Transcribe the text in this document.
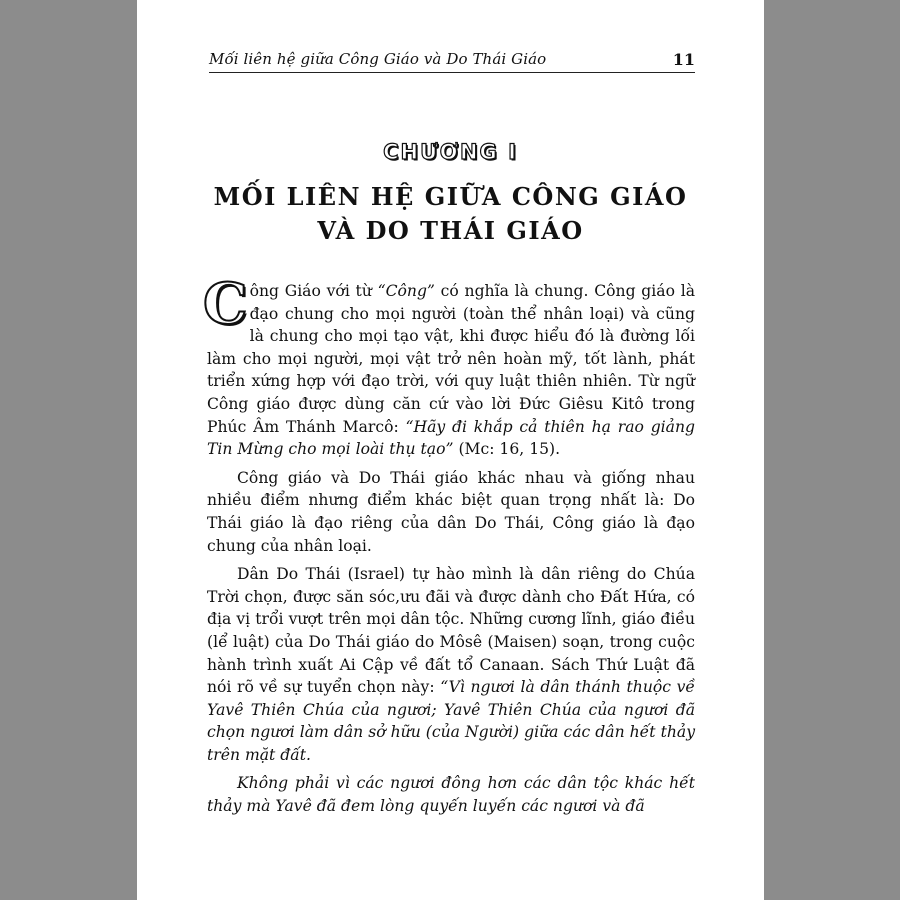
Mối liên hệ giữa Công Giáo và Do Thái Giáo	11
CHƯƠNG I
MỐI LIÊN HỆ GIỮA CÔNG GIÁO
VÀ DO THÁI GIÁO

Công Giáo với từ “Công” có nghĩa là chung. Công giáo là đạo chung cho mọi người (toàn thể nhân loại) và cũng là chung cho mọi tạo vật, khi được hiểu đó là đường lối làm cho mọi người, mọi vật trở nên hoàn mỹ, tốt lành, phát triển xứng hợp với đạo trời, với quy luật thiên nhiên. Từ ngữ Công giáo được dùng căn cứ vào lời Đức Giêsu Kitô trong Phúc Âm Thánh Marcô: “Hãy đi khắp cả thiên hạ rao giảng Tin Mừng cho mọi loài thụ tạo” (Mc: 16, 15).

Công giáo và Do Thái giáo khác nhau và giống nhau nhiều điểm nhưng điểm khác biệt quan trọng nhất là: Do Thái giáo là đạo riêng của dân Do Thái, Công giáo là đạo chung của nhân loại.

Dân Do Thái (Israel) tự hào mình là dân riêng do Chúa Trời chọn, được săn sóc,ưu đãi và được dành cho Đất Hứa, có địa vị trổi vượt trên mọi dân tộc. Những cương lĩnh, giáo điều (lể luật) của Do Thái giáo do Môsê (Maisen) soạn, trong cuộc hành trình xuất Ai Cập về đất tổ Canaan. Sách Thứ Luật đã nói rõ về sự tuyển chọn này: “Vì ngươi là dân thánh thuộc về Yavê Thiên Chúa của ngươi; Yavê Thiên Chúa của ngươi đã chọn ngươi làm dân sở hữu (của Người) giữa các dân hết thảy trên mặt đất.

Không phải vì các ngươi đông hơn các dân tộc khác hết thảy mà Yavê đã đem lòng quyến luyến các ngươi và đã
